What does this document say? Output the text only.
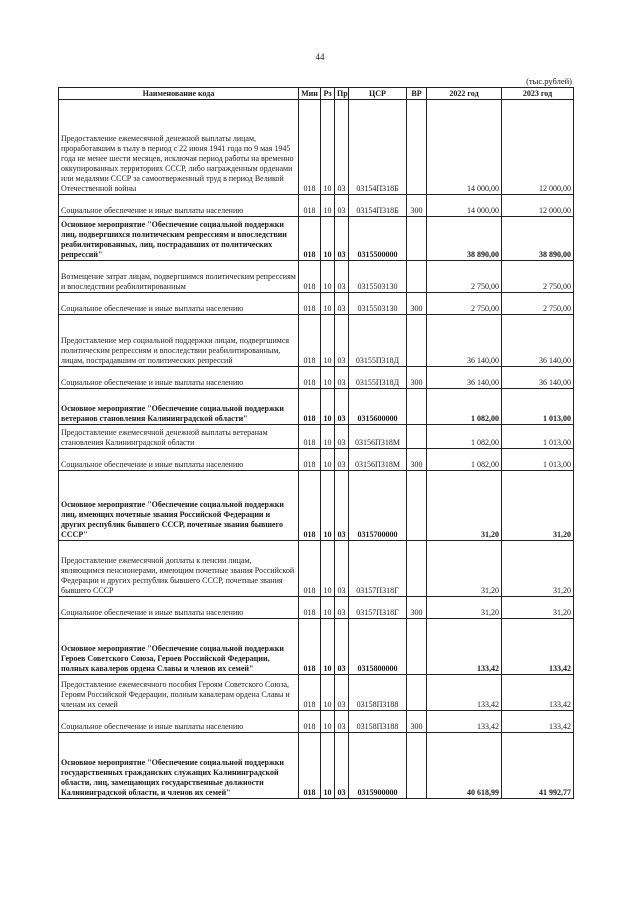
44
(тыс.рублей)
Наименование кода	Мин	Рз	Пр	ЦСР	ВР	2022 год	2023 год
Предоставление ежемесячной денежной выплаты лицам, проработавшим в тылу в период с 22 июня 1941 года по 9 мая 1945 года не менее шести месяцев, исключая период работы на временно оккупированных территориях СССР, либо награжденным орденами или медалями СССР за самоотверженный труд в период Великой Отечественной войны	018	10	03	03154П318Б		14 000,00	12 000,00
Социальное обеспечение и иные выплаты населению	018	10	03	03154П318Б	300	14 000,00	12 000,00
Основное мероприятие "Обеспечение социальной поддержки лиц, подвергшихся политическим репрессиям и впоследствии реабилитированных, лиц, пострадавших от политических репрессий"	018	10	03	0315500000		38 890,00	38 890,00
Возмещение затрат лицам, подвергшимся политическим репрессиям и впоследствии реабилитированным	018	10	03	0315503130		2 750,00	2 750,00
Социальное обеспечение и иные выплаты населению	018	10	03	0315503130	300	2 750,00	2 750,00
Предоставление мер социальной поддержки лицам, подвергшимся политическим репрессиям и впоследствии реабилитированным, лицам, пострадавшим от политических репрессий	018	10	03	03155П318Д		36 140,00	36 140,00
Социальное обеспечение и иные выплаты населению	018	10	03	03155П318Д	300	36 140,00	36 140,00
Основное мероприятие "Обеспечение социальной поддержки ветеранов становления Калининградской области"	018	10	03	0315600000		1 082,00	1 013,00
Предоставление ежемесячной денежной выплаты ветеранам становления Калининградской области	018	10	03	03156П318М		1 082,00	1 013,00
Социальное обеспечение и иные выплаты населению	018	10	03	03156П318М	300	1 082,00	1 013,00
Основное мероприятие "Обеспечение социальной поддержки лиц, имеющих почетные звания Российской Федерации и других республик бывшего СССР, почетные звания бывшего СССР"	018	10	03	0315700000		31,20	31,20
Предоставление ежемесячной доплаты к пенсии лицам, являющимся пенсионерами, имеющим почетные звания Российской Федерации и других республик бывшего СССР, почетные звания бывшего СССР	018	10	03	03157П318Г		31,20	31,20
Социальное обеспечение и иные выплаты населению	018	10	03	03157П318Г	300	31,20	31,20
Основное мероприятие "Обеспечение социальной поддержки Героев Советского Союза, Героев Российской Федерации, полных кавалеров ордена Славы и членов их семей"	018	10	03	0315800000		133,42	133,42
Предоставление ежемесячного пособия Героям Советского Союза, Героям Российской Федерации, полным кавалерам ордена Славы и членам их семей	018	10	03	03158П3188		133,42	133,42
Социальное обеспечение и иные выплаты населению	018	10	03	03158П3188	300	133,42	133,42
Основное мероприятие "Обеспечение социальной поддержки государственных гражданских служащих Калининградской области, лиц, замещающих государственные должности Калининградской области, и членов их семей"	018	10	03	0315900000		40 618,99	41 992,77
